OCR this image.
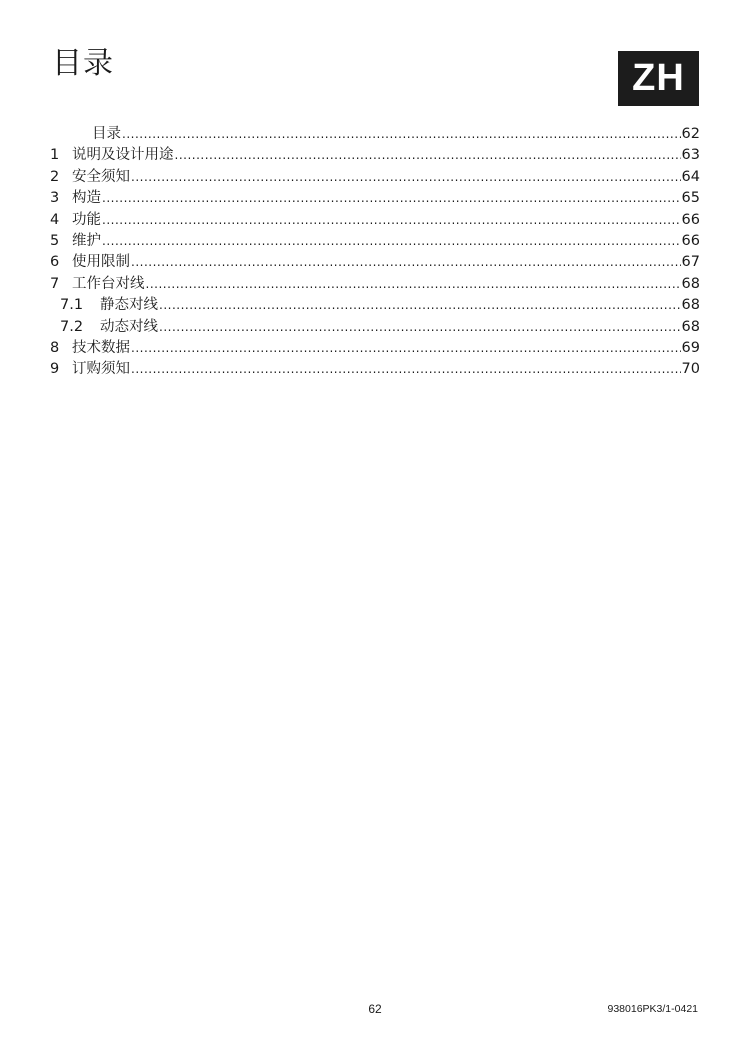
目录	ZH
目录 .....	62
1 说明及设计用途 .....	63
2 安全须知 .....	64
3 构造 .....	65
4 功能 .....	66
5 维护 .....	66
6 使用限制 .....	67
7 工作台对线 .....	68
7.1	静态对线 .....	68
7.2	动态对线 .....	68
8 技术数据 .....	69
9 订购须知 .....	70
62	938016PK3/1-0421
